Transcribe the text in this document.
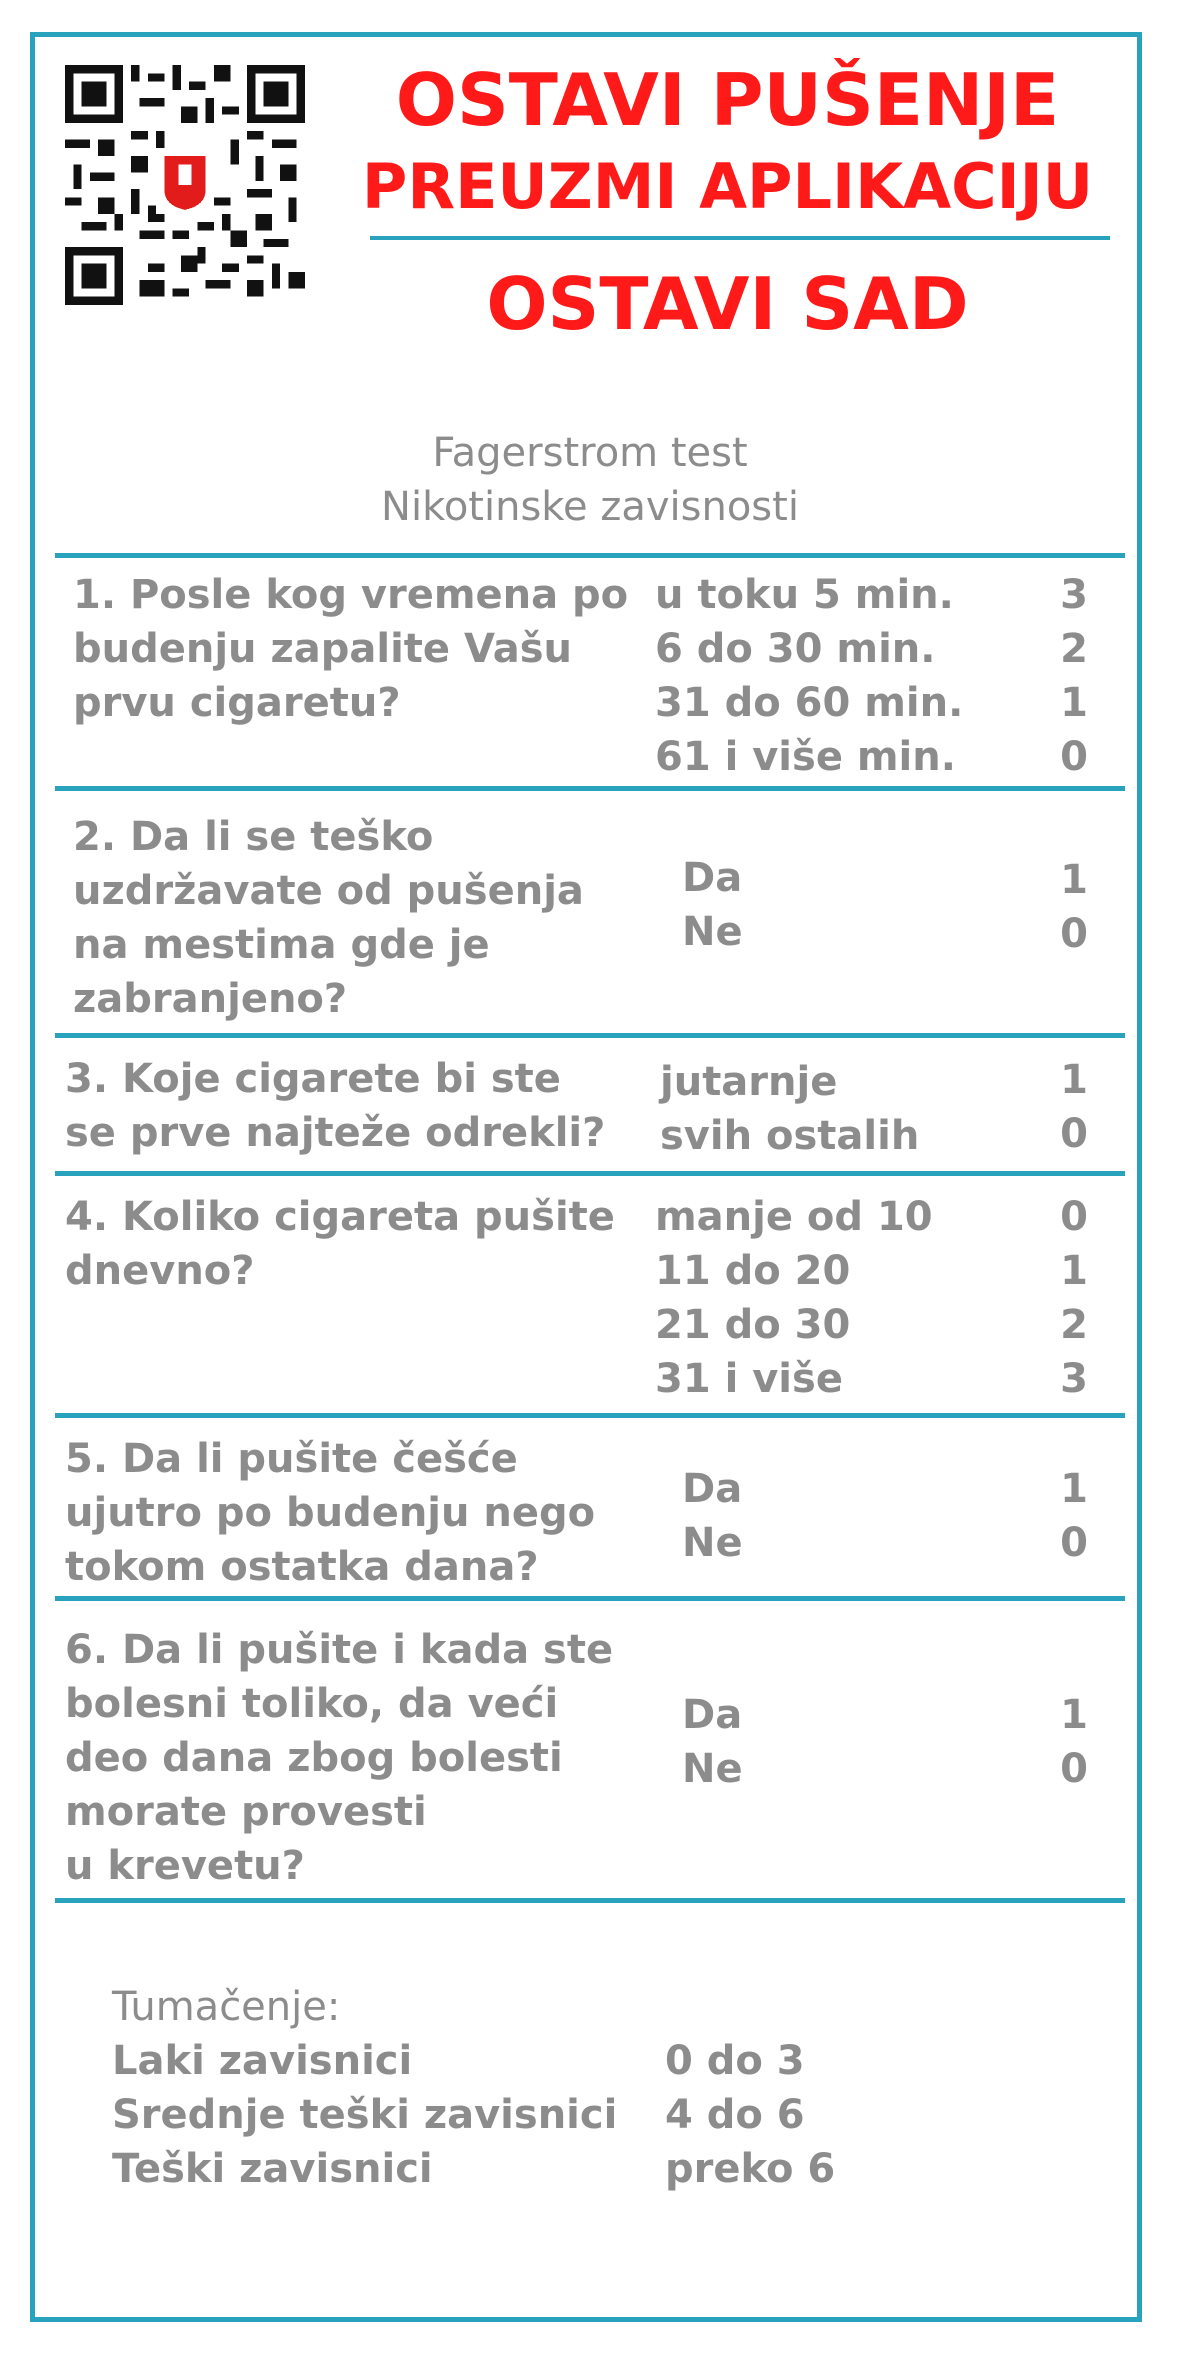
OSTAVI PUŠENJE
PREUZMI APLIKACIJU
OSTAVI SAD
Fagerstrom test
Nikotinske zavisnosti
1. Posle kog vremena po
budenju zapalite Vašu
prvu cigaretu?
u toku 5 min.
6 do 30 min.
31 do 60 min.
61 i više min.
3
2
1
0
2. Da li se teško
uzdržavate od pušenja
na mestima gde je
zabranjeno?
Da
Ne
1
0
3. Koje cigarete bi ste
se prve najteže odrekli?
jutarnje
svih ostalih
1
0
4. Koliko cigareta pušite
dnevno?
manje od 10
11 do 20
21 do 30
31 i više
0
1
2
3
5. Da li pušite češće
ujutro po budenju nego
tokom ostatka dana?
Da
Ne
1
0
6. Da li pušite i kada ste
bolesni toliko, da veći
deo dana zbog bolesti
morate provesti
u krevetu?
Da
Ne
1
0
Tumačenje:
Laki zavisnici
Srednje teški zavisnici
Teški zavisnici
0 do 3
4 do 6
preko 6
